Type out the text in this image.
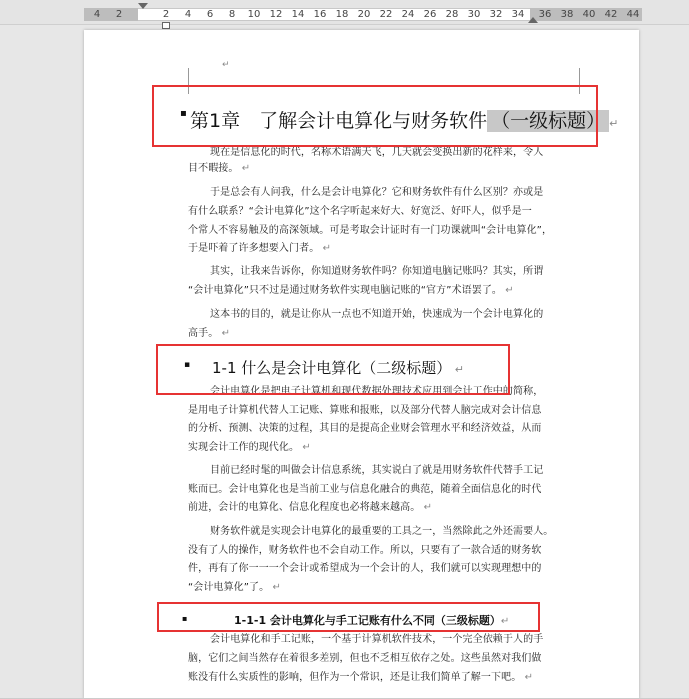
4	2	2	4	6	8	10 12 14 16 18 20 22 24 26 28 30 32 34	36 38 40 42 44
↵
▪ 第1章　了解会计电算化与财务软件 （一级标题） ↵
现在是信息化的时代，名称术语满天飞，几天就会变换出新的花样来，令人
目不暇接。 ↵
于是总会有人问我，什么是会计电算化？它和财务软件有什么区别？亦或是
有什么联系？“会计电算化”这个名字听起来好大、好宽泛、好吓人，似乎是一
个常人不容易触及的高深领域。可是考取会计证时有一门功课就叫“会计电算化”，
于是吓着了许多想要入门者。 ↵
其实，让我来告诉你，你知道财务软件吗？你知道电脑记账吗？其实，所谓
“会计电算化”只不过是通过财务软件实现电脑记账的“官方”术语罢了。 ↵
这本书的目的，就是让你从一点也不知道开始，快速成为一个会计电算化的
高手。 ↵
▪ 1-1 什么是会计电算化（二级标题） ↵
会计电算化是把电子计算机和现代数据处理技术应用到会计工作中的简称，
是用电子计算机代替人工记账、算账和报账，以及部分代替人脑完成对会计信息
的分析、预测、决策的过程，其目的是提高企业财会管理水平和经济效益，从而
实现会计工作的现代化。 ↵
目前已经时髦的叫做会计信息系统，其实说白了就是用财务软件代替手工记
账而已。会计电算化也是当前工业与信息化融合的典范，随着全面信息化的时代
前进，会计的电算化、信息化程度也必将越来越高。 ↵
财务软件就是实现会计电算化的最重要的工具之一，当然除此之外还需要人。
没有了人的操作，财务软件也不会自动工作。所以，只要有了一款合适的财务软
件，再有了你一一一个会计或希望成为一个会计的人，我们就可以实现理想中的
“会计电算化”了。 ↵
▪	1-1-1 会计电算化与手工记账有什么不同（三级标题）↵
会计电算化和手工记账，一个基于计算机软件技术，一个完全依赖于人的手
脑，它们之间当然存在着很多差别，但也不乏相互依存之处。这些虽然对我们做
账没有什么实质性的影响，但作为一个常识，还是让我们简单了解一下吧。 ↵
